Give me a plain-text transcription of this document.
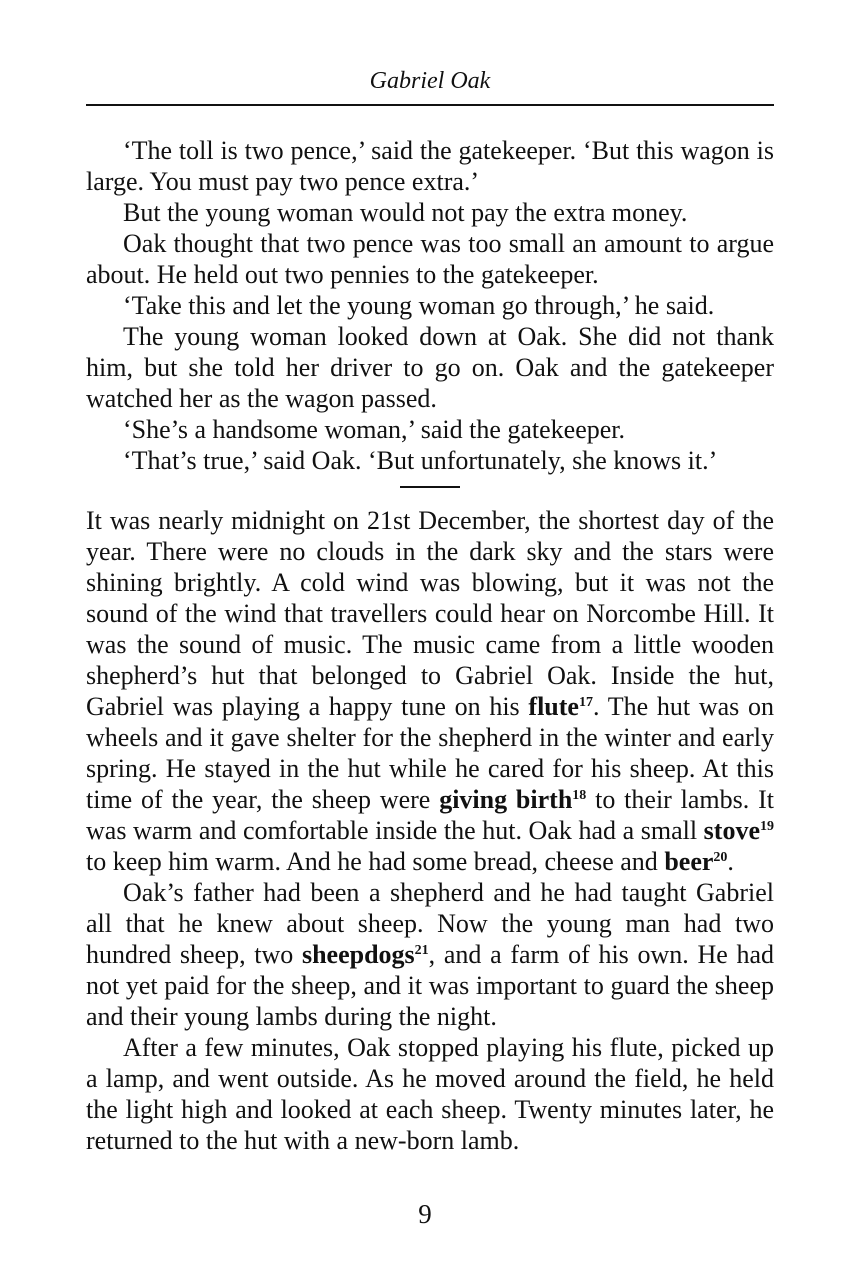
Gabriel Oak

‘The toll is two pence,’ said the gatekeeper. ‘But this wagon is large. You must pay two pence extra.’

But the young woman would not pay the extra money.

Oak thought that two pence was too small an amount to argue about. He held out two pennies to the gatekeeper.

‘Take this and let the young woman go through,’ he said.

The young woman looked down at Oak. She did not thank him, but she told her driver to go on. Oak and the gatekeeper watched her as the wagon passed.

‘She’s a handsome woman,’ said the gatekeeper.

‘That’s true,’ said Oak. ‘But unfortunately, she knows it.’

It was nearly midnight on 21st December, the shortest day of the year. There were no clouds in the dark sky and the stars were shining brightly. A cold wind was blowing, but it was not the sound of the wind that travellers could hear on Norcombe Hill. It was the sound of music. The music came from a little wooden shepherd’s hut that belonged to Gabriel Oak. Inside the hut, Gabriel was playing a happy tune on his flute$^{17}$. The hut was on wheels and it gave shelter for the shepherd in the winter and early spring. He stayed in the hut while he cared for his sheep. At this time of the year, the sheep were giving birth$^{18}$ to their lambs. It was warm and comfortable inside the hut. Oak had a small stove$^{19}$ to keep him warm. And he had some bread, cheese and beer$^{20}$.

Oak’s father had been a shepherd and he had taught Gabriel all that he knew about sheep. Now the young man had two hundred sheep, two sheepdogs$^{21}$, and a farm of his own. He had not yet paid for the sheep, and it was important to guard the sheep and their young lambs during the night.

After a few minutes, Oak stopped playing his flute, picked up a lamp, and went outside. As he moved around the field, he held the light high and looked at each sheep. Twenty minutes later, he returned to the hut with a new-born lamb.

9
